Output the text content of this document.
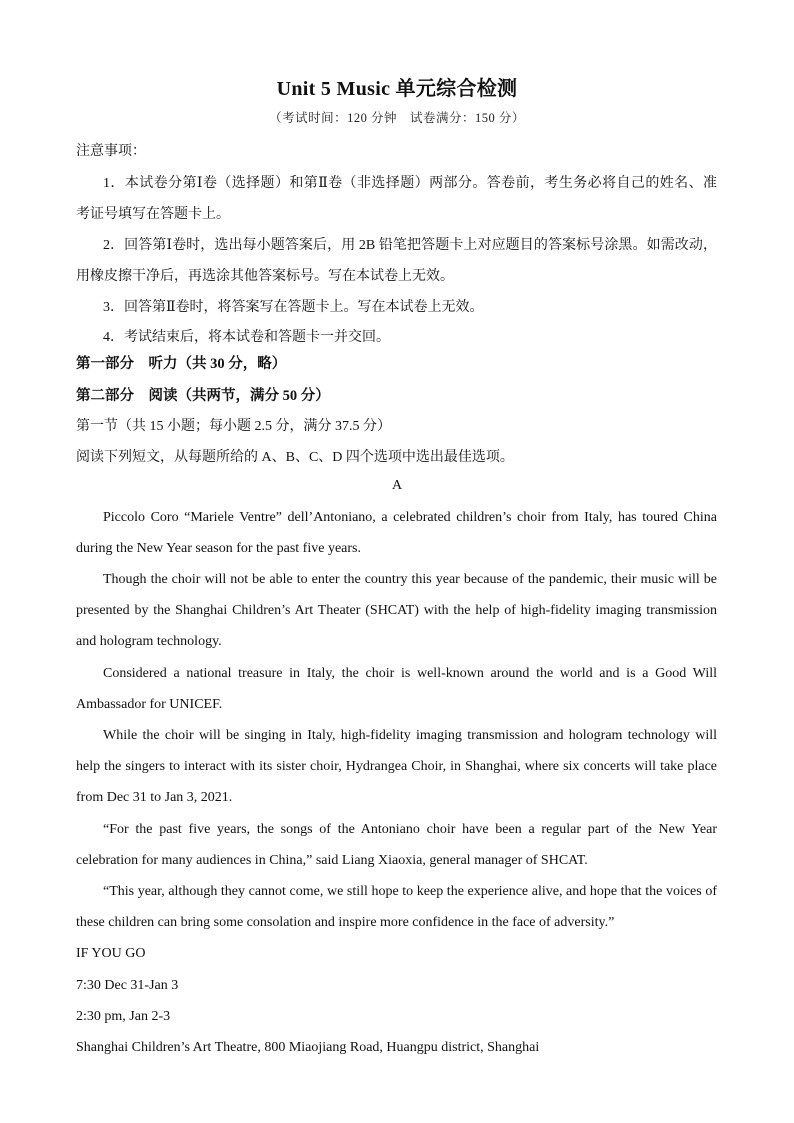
Unit 5 Music 单元综合检测
（考试时间：120 分钟　试卷满分：150 分）
注意事项：
1．本试卷分第Ⅰ卷（选择题）和第Ⅱ卷（非选择题）两部分。答卷前，考生务必将自己的姓名、准
考证号填写在答题卡上。
2．回答第Ⅰ卷时，选出每小题答案后，用 2B 铅笔把答题卡上对应题目的答案标号涂黑。如需改动，
用橡皮擦干净后，再选涂其他答案标号。写在本试卷上无效。
3．回答第Ⅱ卷时，将答案写在答题卡上。写在本试卷上无效。
4．考试结束后，将本试卷和答题卡一并交回。
第一部分　听力（共 30 分，略）
第二部分　阅读（共两节，满分 50 分）
第一节（共 15 小题；每小题 2.5 分，满分 37.5 分）
阅读下列短文，从每题所给的 A、B、C、D 四个选项中选出最佳选项。
A
Piccolo Coro “Mariele Ventre” dell’Antoniano, a celebrated children’s choir from Italy, has toured China
during the New Year season for the past five years.
Though the choir will not be able to enter the country this year because of the pandemic, their music will be
presented by the Shanghai Children’s Art Theater (SHCAT) with the help of high-fidelity imaging transmission
and hologram technology.
Considered a national treasure in Italy, the choir is well-known around the world and is a Good Will
Ambassador for UNICEF.
While the choir will be singing in Italy, high-fidelity imaging transmission and hologram technology will
help the singers to interact with its sister choir, Hydrangea Choir, in Shanghai, where six concerts will take place
from Dec 31 to Jan 3, 2021.
“For the past five years, the songs of the Antoniano choir have been a regular part of the New Year
celebration for many audiences in China,” said Liang Xiaoxia, general manager of SHCAT.
“This year, although they cannot come, we still hope to keep the experience alive, and hope that the voices of
these children can bring some consolation and inspire more confidence in the face of adversity.”
IF YOU GO
7:30 Dec 31-Jan 3
2:30 pm, Jan 2-3
Shanghai Children’s Art Theatre, 800 Miaojiang Road, Huangpu district, Shanghai
